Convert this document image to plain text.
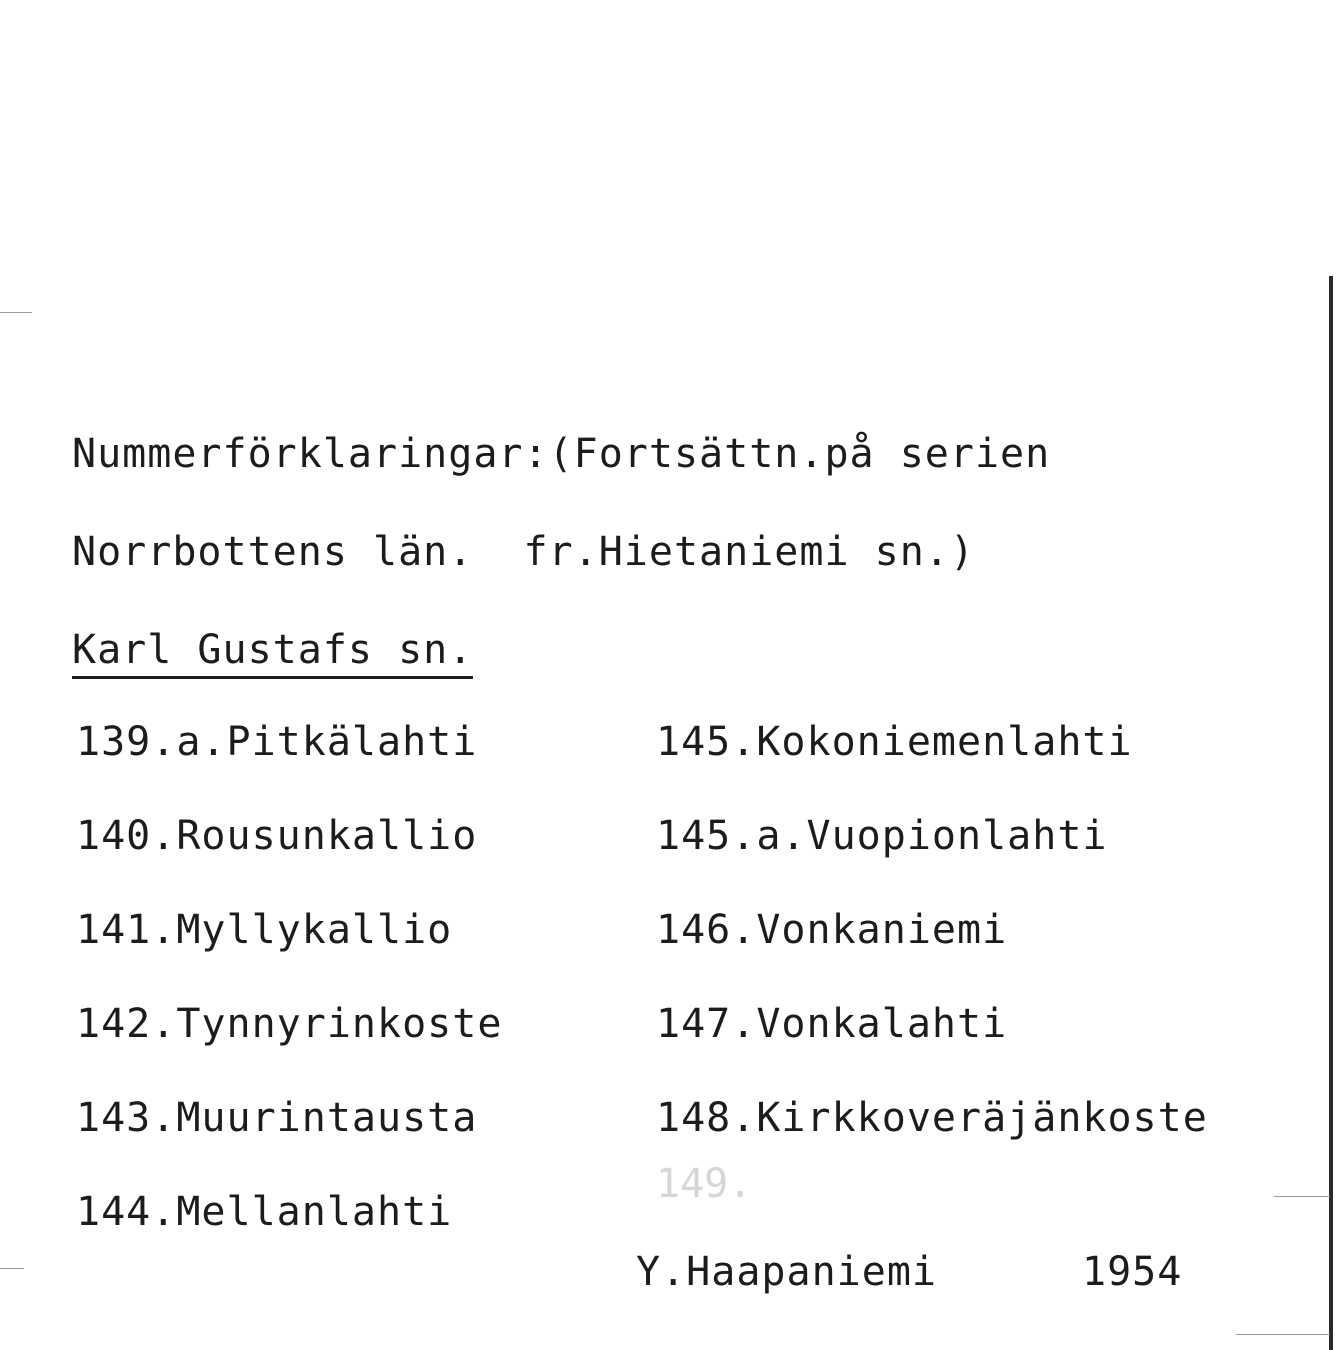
Nummerförklaringar:(Fortsättn.på serien
Norrbottens län.  fr.Hietaniemi sn.)
Karl Gustafs sn.
139.a.Pitkälahti
140.Rousunkallio
141.Myllykallio
142.Tynnyrinkoste
143.Muurintausta
144.Mellanlahti
145.Kokoniemenlahti
145.a.Vuopionlahti
146.Vonkaniemi
147.Vonkalahti
148.Kirkkoveräjänkoste
149.
Y.Haapaniemi	1954
